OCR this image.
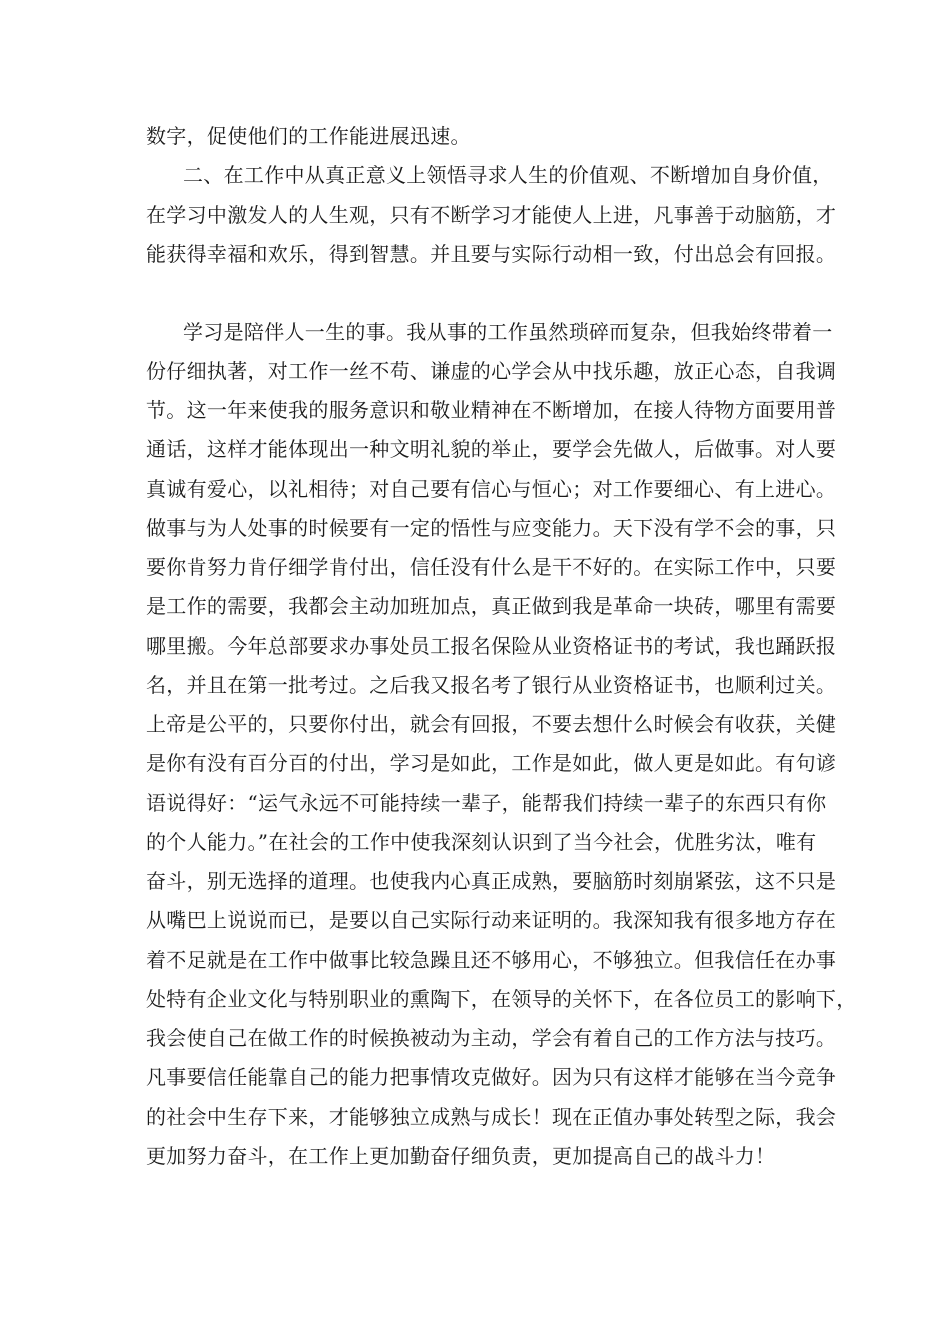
数字，促使他们的工作能进展迅速。
二、在工作中从真正意义上领悟寻求人生的价值观、不断增加自身价值，
在学习中激发人的人生观，只有不断学习才能使人上进，凡事善于动脑筋，才
能获得幸福和欢乐，得到智慧。并且要与实际行动相一致，付出总会有回报。
学习是陪伴人一生的事。我从事的工作虽然琐碎而复杂，但我始终带着一
份仔细执著，对工作一丝不苟、谦虚的心学会从中找乐趣，放正心态，自我调
节。这一年来使我的服务意识和敬业精神在不断增加，在接人待物方面要用普
通话，这样才能体现出一种文明礼貌的举止，要学会先做人，后做事。对人要
真诚有爱心，以礼相待；对自己要有信心与恒心；对工作要细心、有上进心。
做事与为人处事的时候要有一定的悟性与应变能力。天下没有学不会的事，只
要你肯努力肯仔细学肯付出，信任没有什么是干不好的。在实际工作中，只要
是工作的需要，我都会主动加班加点，真正做到我是革命一块砖，哪里有需要
哪里搬。今年总部要求办事处员工报名保险从业资格证书的考试，我也踊跃报
名，并且在第一批考过。之后我又报名考了银行从业资格证书，也顺利过关。
上帝是公平的，只要你付出，就会有回报，不要去想什么时候会有收获，关健
是你有没有百分百的付出，学习是如此，工作是如此，做人更是如此。有句谚
语说得好：“运气永远不可能持续一辈子，能帮我们持续一辈子的东西只有你
的个人能力。”在社会的工作中使我深刻认识到了当今社会，优胜劣汰，唯有
奋斗，别无选择的道理。也使我内心真正成熟，要脑筋时刻崩紧弦，这不只是
从嘴巴上说说而已，是要以自己实际行动来证明的。我深知我有很多地方存在
着不足就是在工作中做事比较急躁且还不够用心，不够独立。但我信任在办事
处特有企业文化与特别职业的熏陶下，在领导的关怀下，在各位员工的影响下，
我会使自己在做工作的时候换被动为主动，学会有着自己的工作方法与技巧。
凡事要信任能靠自己的能力把事情攻克做好。因为只有这样才能够在当今竞争
的社会中生存下来，才能够独立成熟与成长！现在正值办事处转型之际，我会
更加努力奋斗，在工作上更加勤奋仔细负责，更加提高自己的战斗力！
